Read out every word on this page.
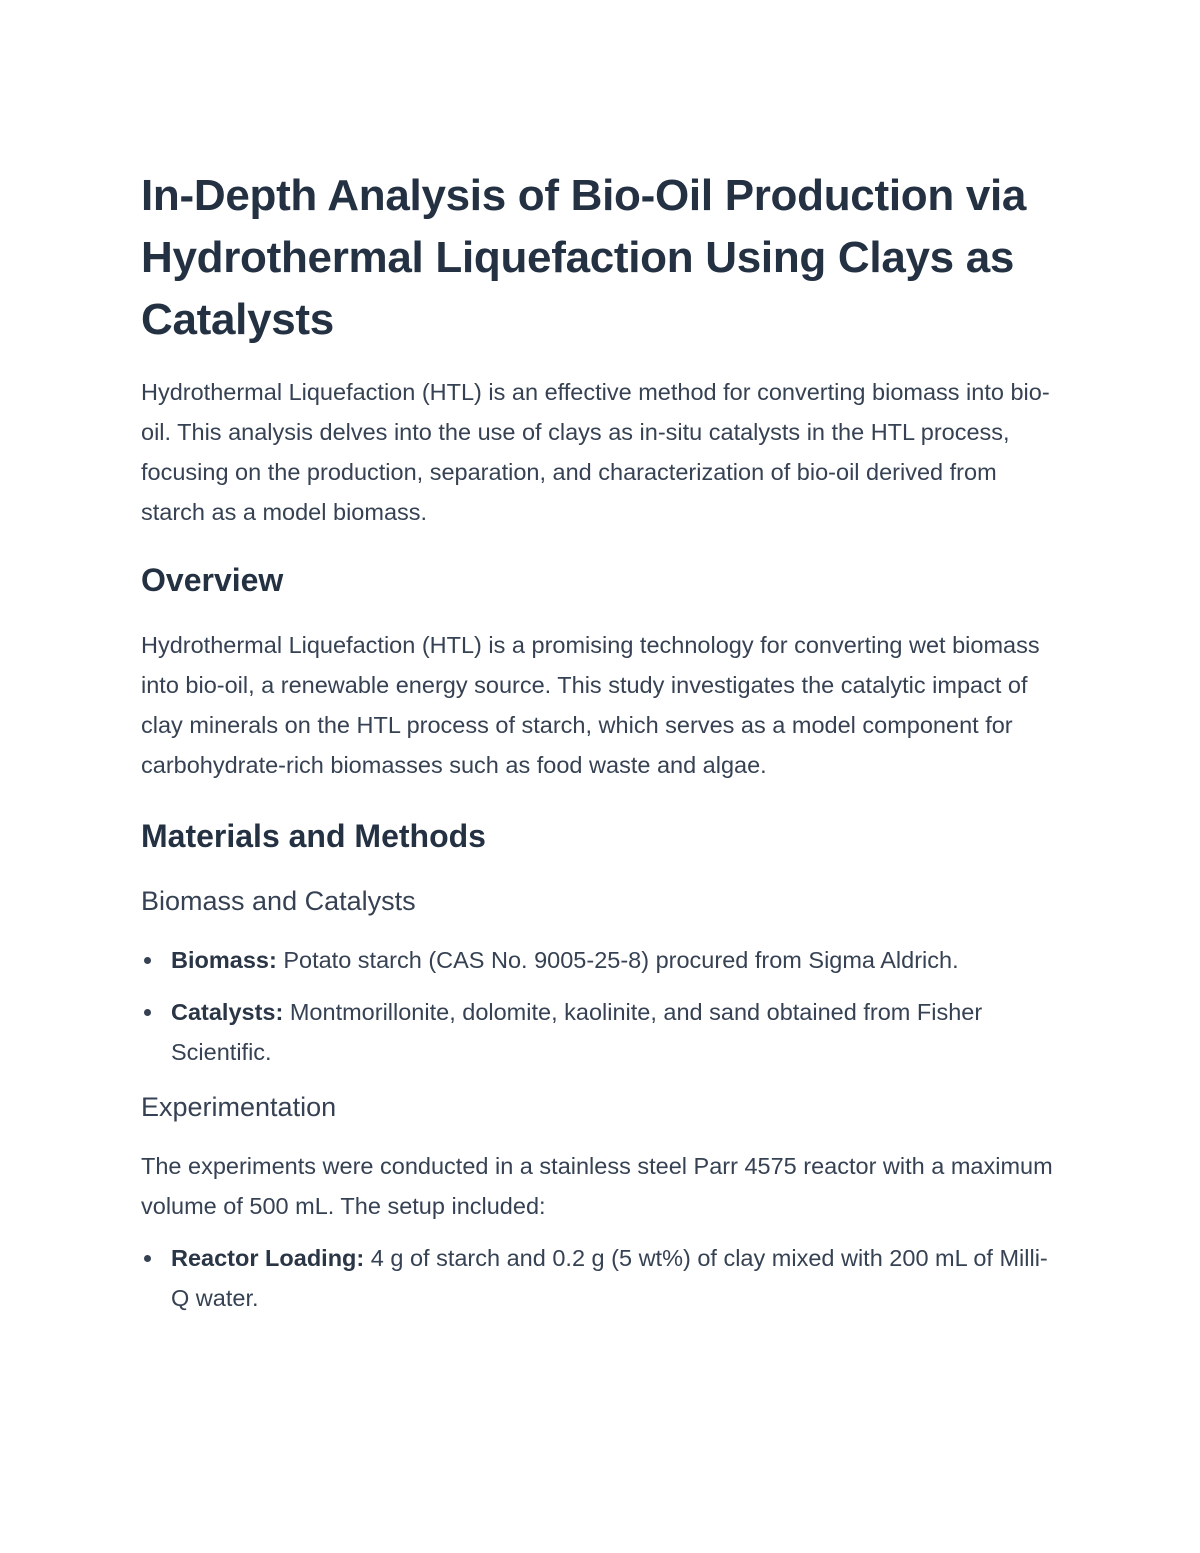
In-Depth Analysis of Bio-Oil Production via Hydrothermal Liquefaction Using Clays as Catalysts

Hydrothermal Liquefaction (HTL) is an effective method for converting biomass into bio-oil. This analysis delves into the use of clays as in-situ catalysts in the HTL process, focusing on the production, separation, and characterization of bio-oil derived from starch as a model biomass.

Overview

Hydrothermal Liquefaction (HTL) is a promising technology for converting wet biomass into bio-oil, a renewable energy source. This study investigates the catalytic impact of clay minerals on the HTL process of starch, which serves as a model component for carbohydrate-rich biomasses such as food waste and algae.

Materials and Methods
Biomass and Catalysts
Biomass: Potato starch (CAS No. 9005-25-8) procured from Sigma Aldrich.
Catalysts: Montmorillonite, dolomite, kaolinite, and sand obtained from Fisher Scientific.
Experimentation

The experiments were conducted in a stainless steel Parr 4575 reactor with a maximum volume of 500 mL. The setup included:

Reactor Loading: 4 g of starch and 0.2 g (5 wt%) of clay mixed with 200 mL of Milli-Q water.
